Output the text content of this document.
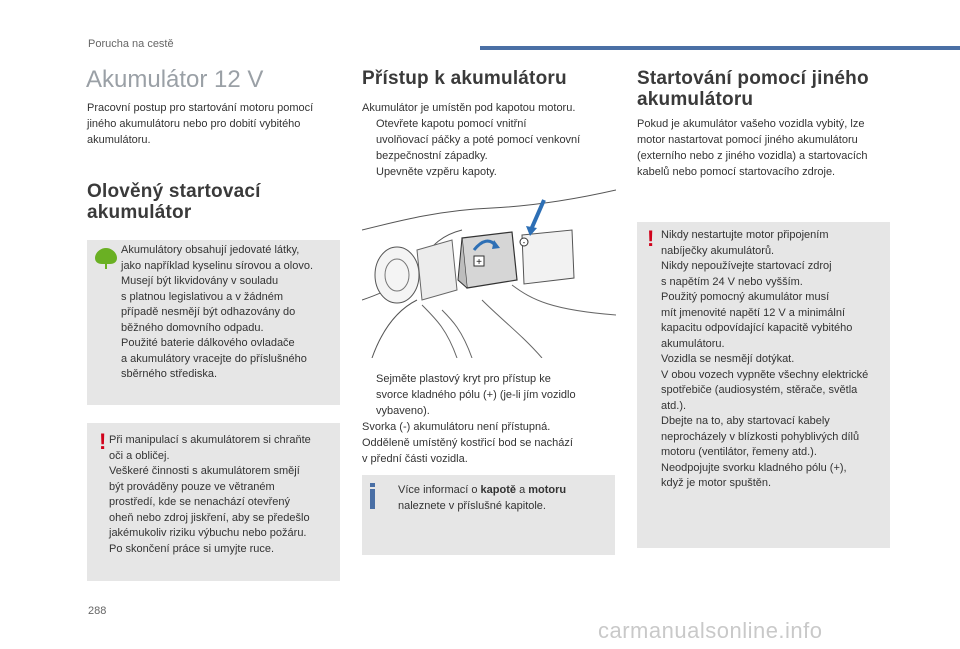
Porucha na cestě
Akumulátor 12 V
Pracovní postup pro startování motoru pomocí jiného akumulátoru nebo pro dobití vybitého akumulátoru.
Olověný startovací
akumulátor
Akumulátory obsahují jedovaté látky,
jako například kyselinu sírovou a olovo.
Musejí být likvidovány v souladu
s platnou legislativou a v žádném
případě nesmějí být odhazovány do
běžného domovního odpadu.
Použité baterie dálkového ovladače
a akumulátory vracejte do příslušného
sběrného střediska.
! Při manipulací s akumulátorem si chraňte
oči a obličej.
Veškeré činnosti s akumulátorem smějí
být prováděny pouze ve větraném
prostředí, kde se nenachází otevřený
oheň nebo zdroj jiskření, aby se předešlo
jakémukoliv riziku výbuchu nebo požáru.
Po skončení práce si umyjte ruce.
Přístup k akumulátoru
Akumulátor je umístěn pod kapotou motoru.
Otevřete kapotu pomocí vnitřní
uvolňovací páčky a poté pomocí venkovní
bezpečnostní západky.
Upevněte vzpěru kapoty.
+
-
Sejměte plastový kryt pro přístup ke
svorce kladného pólu (+) (je-li jím vozidlo
vybaveno).
Svorka (-) akumulátoru není přístupná.
Odděleně umístěný kostřicí bod se nachází
v přední části vozidla.
Více informací o kapotě a motoru
naleznete v příslušné kapitole.
Startování pomocí jiného
akumulátoru
Pokud je akumulátor vašeho vozidla vybitý, lze
motor nastartovat pomocí jiného akumulátoru
(externího nebo z jiného vozidla) a startovacích
kabelů nebo pomocí startovacího zdroje.
! Nikdy nestartujte motor připojením
nabíječky akumulátorů.
Nikdy nepoužívejte startovací zdroj
s napětím 24 V nebo vyšším.
Použitý pomocný akumulátor musí
mít jmenovité napětí 12 V a minimální
kapacitu odpovídající kapacitě vybitého
akumulátoru.
Vozidla se nesmějí dotýkat.
V obou vozech vypněte všechny elektrické
spotřebiče (audiosystém, stěrače, světla
atd.).
Dbejte na to, aby startovací kabely
neprocházely v blízkosti pohyblivých dílů
motoru (ventilátor, řemeny atd.).
Neodpojujte svorku kladného pólu (+),
když je motor spuštěn.
288
carmanualsonline.info
